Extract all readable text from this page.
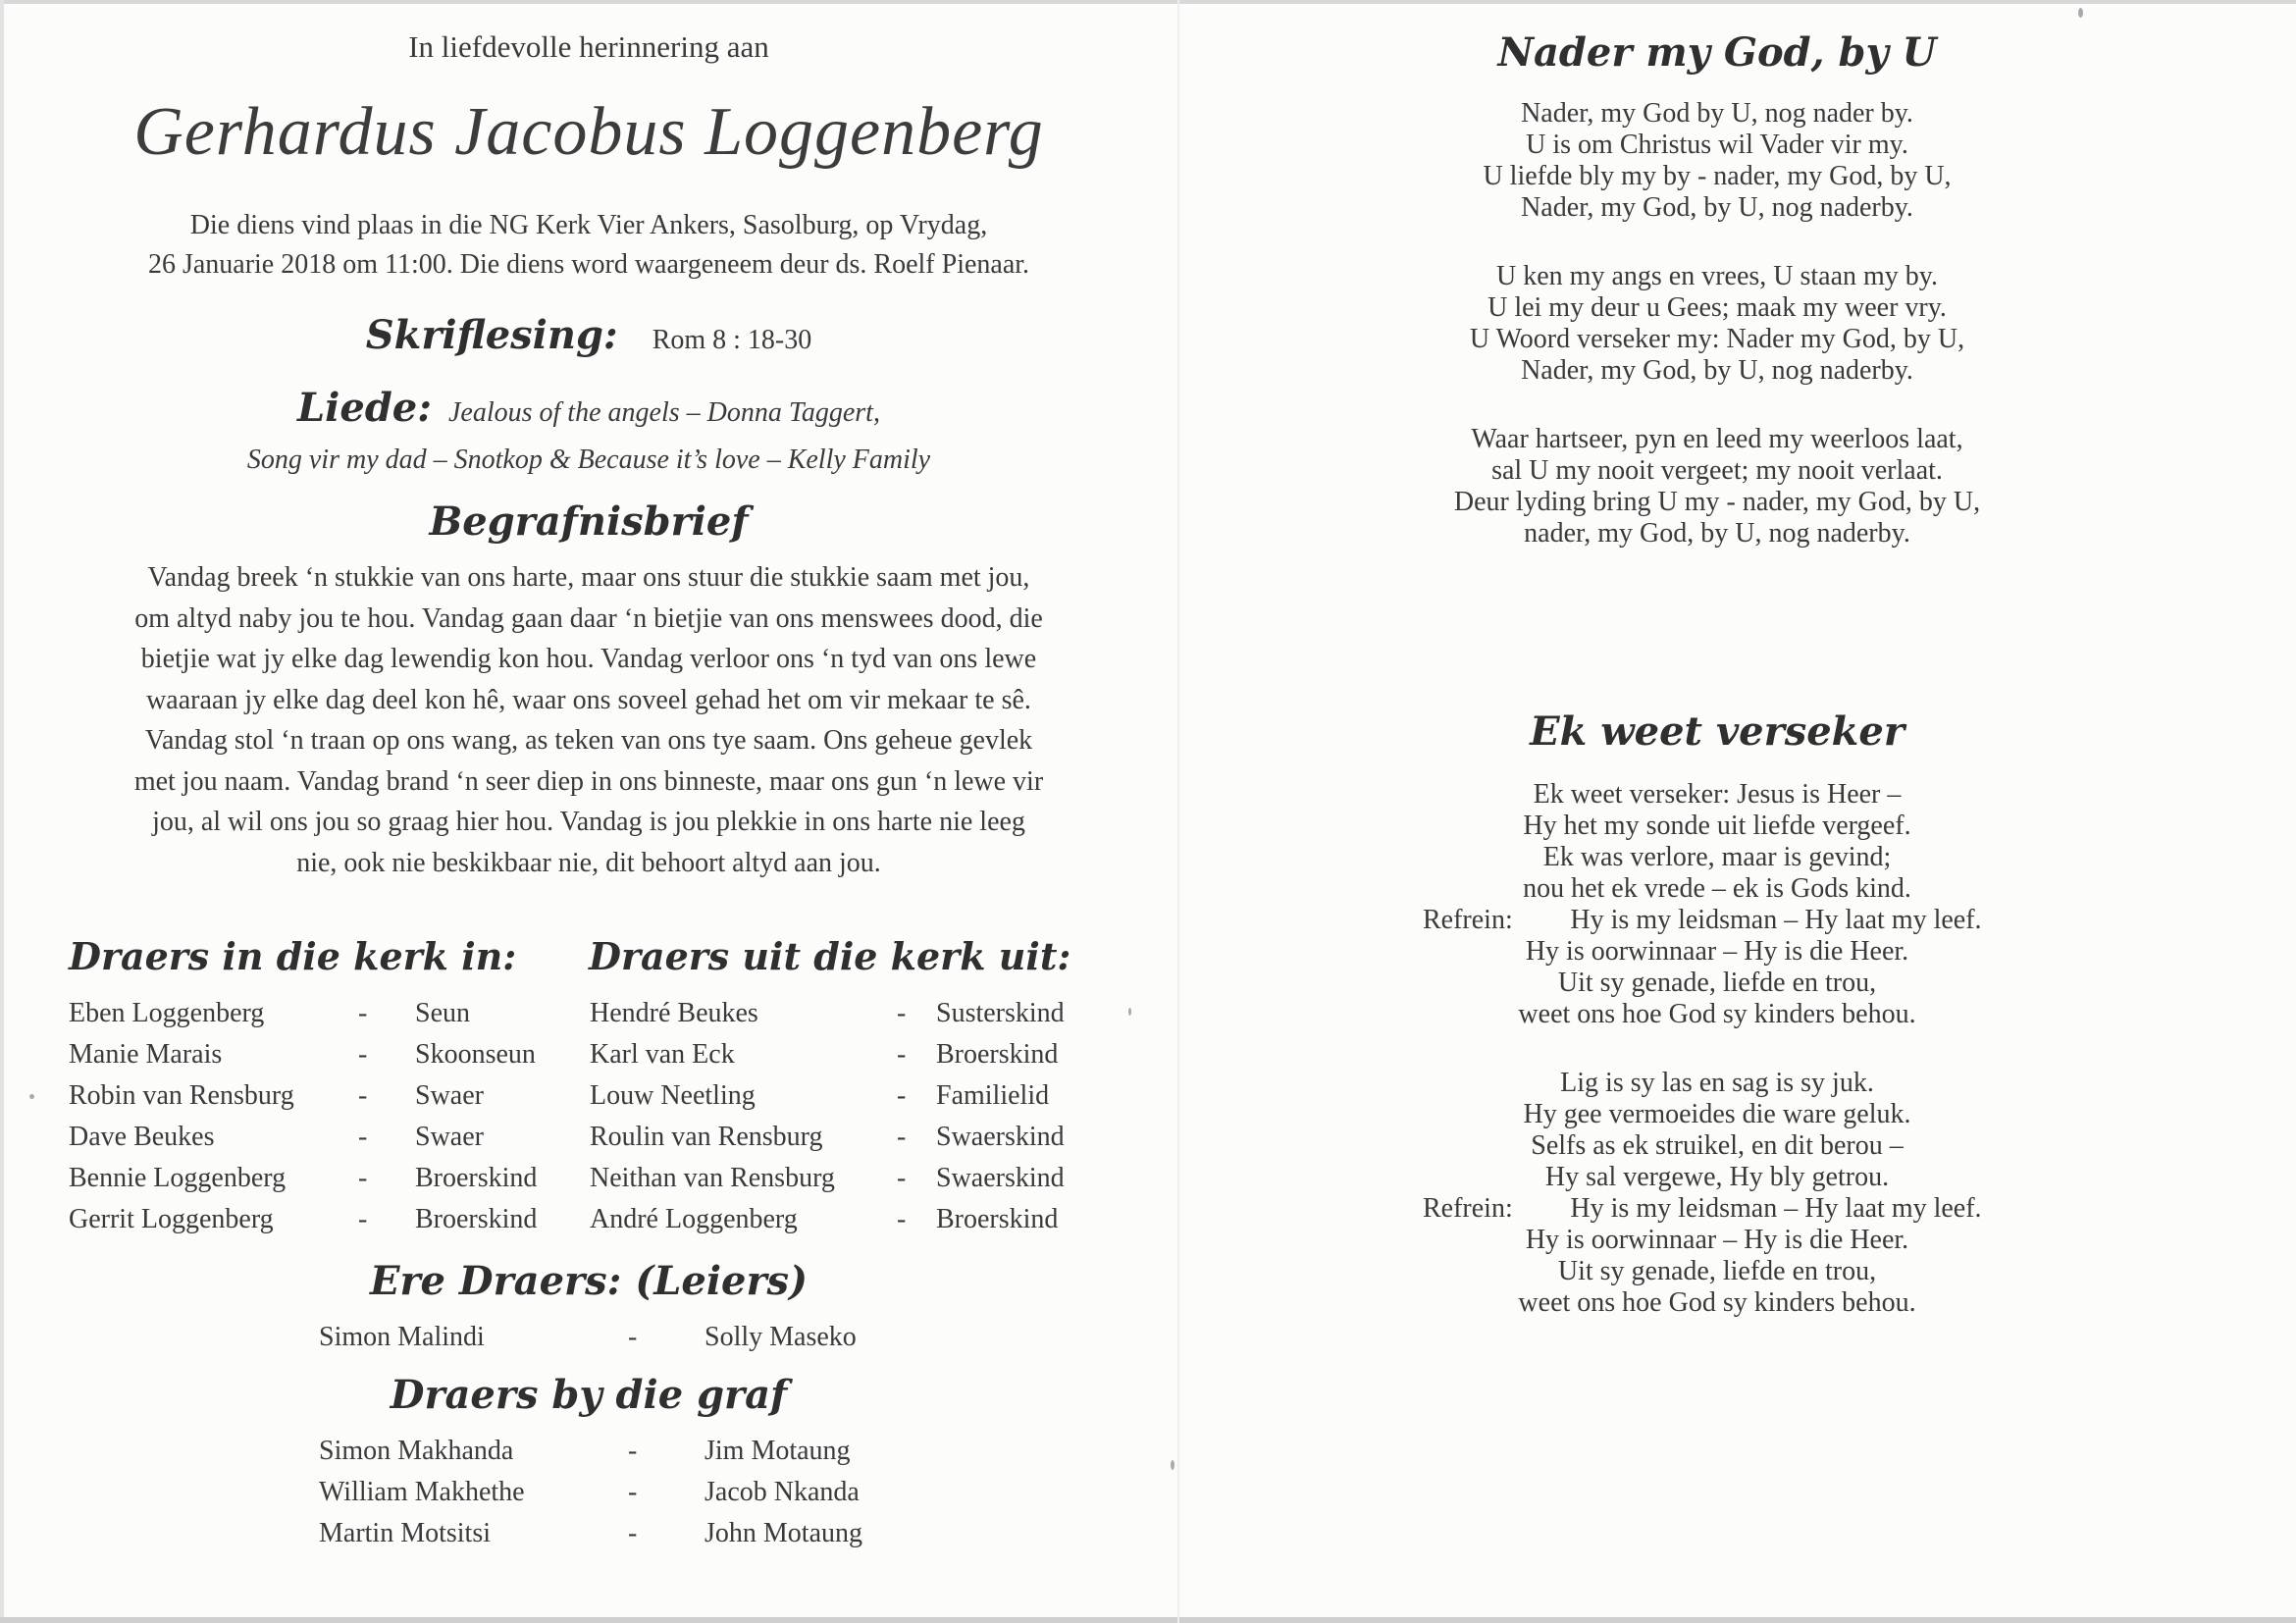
In liefdevolle herinnering aan
Gerhardus Jacobus Loggenberg
Die diens vind plaas in die NG Kerk Vier Ankers, Sasolburg, op Vrydag,
26 Januarie 2018 om 11:00. Die diens word waargeneem deur ds. Roelf Pienaar.
Skriflesing: Rom 8 : 18-30
Liede: Jealous of the angels – Donna Taggert,
Song vir my dad – Snotkop & Because it’s love – Kelly Family
Begrafnisbrief
Vandag breek ‘n stukkie van ons harte, maar ons stuur die stukkie saam met jou,
om altyd naby jou te hou. Vandag gaan daar ‘n bietjie van ons menswees dood, die
bietjie wat jy elke dag lewendig kon hou. Vandag verloor ons ‘n tyd van ons lewe
waaraan jy elke dag deel kon hê, waar ons soveel gehad het om vir mekaar te sê.
Vandag stol ‘n traan op ons wang, as teken van ons tye saam. Ons geheue gevlek
met jou naam. Vandag brand ‘n seer diep in ons binneste, maar ons gun ‘n lewe vir
jou, al wil ons jou so graag hier hou. Vandag is jou plekkie in ons harte nie leeg
nie, ook nie beskikbaar nie, dit behoort altyd aan jou.
Draers in die kerk in: Draers uit die kerk uit:
Eben Loggenberg	- Seun
Manie Marais	- Skoonseun
Robin van Rensburg - Swaer
Dave Beukes	- Swaer
Bennie Loggenberg	- Broerskind
Gerrit Loggenberg	- Broerskind
Hendré Beukes	- Susterskind
Karl van Eck	- Broerskind
Louw Neetling	- Familielid
Roulin van Rensburg	- Swaerskind
Neithan van Rensburg - Swaerskind
André Loggenberg	- Broerskind
Ere Draers: (Leiers)
Simon Malindi	- Solly Maseko
Draers by die graf
Simon Makhanda	- Jim Motaung
William Makhethe	- Jacob Nkanda
Martin Motsitsi	- John Motaung
Nader my God, by U
Nader, my God by U, nog nader by.
U is om Christus wil Vader vir my.
U liefde bly my by - nader, my God, by U,
Nader, my God, by U, nog naderby.
U ken my angs en vrees, U staan my by.
U lei my deur u Gees; maak my weer vry.
U Woord verseker my: Nader my God, by U,
Nader, my God, by U, nog naderby.
Waar hartseer, pyn en leed my weerloos laat,
sal U my nooit vergeet; my nooit verlaat.
Deur lyding bring U my - nader, my God, by U,
nader, my God, by U, nog naderby.
Ek weet verseker
Ek weet verseker: Jesus is Heer –
Hy het my sonde uit liefde vergeef.
Ek was verlore, maar is gevind;
nou het ek vrede – ek is Gods kind.
Refrein: Hy is my leidsman – Hy laat my leef.
Hy is oorwinnaar – Hy is die Heer.
Uit sy genade, liefde en trou,
weet ons hoe God sy kinders behou.
Lig is sy las en sag is sy juk.
Hy gee vermoeides die ware geluk.
Selfs as ek struikel, en dit berou –
Hy sal vergewe, Hy bly getrou.
Refrein: Hy is my leidsman – Hy laat my leef.
Hy is oorwinnaar – Hy is die Heer.
Uit sy genade, liefde en trou,
weet ons hoe God sy kinders behou.
